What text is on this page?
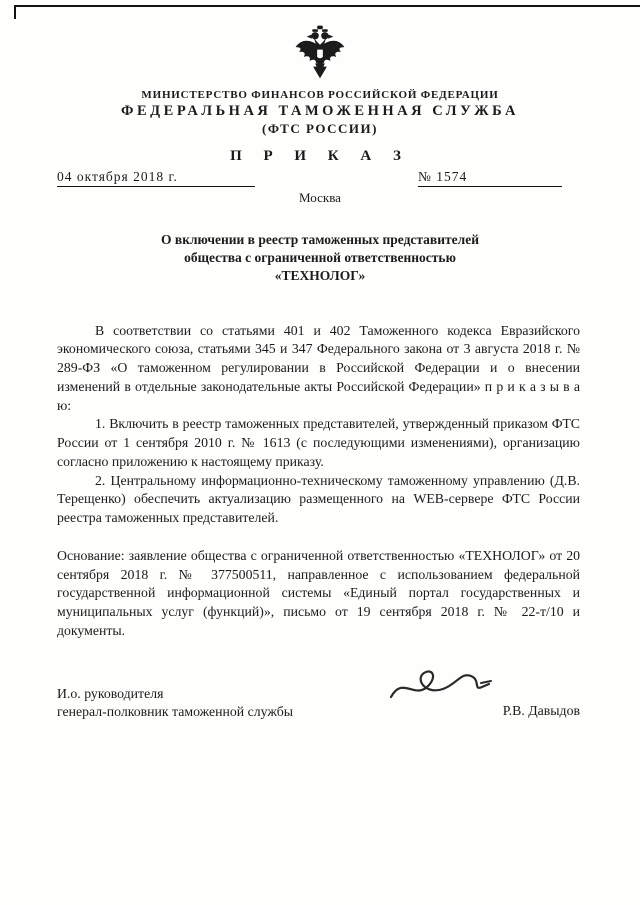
МИНИСТЕРСТВО ФИНАНСОВ РОССИЙСКОЙ ФЕДЕРАЦИИ
ФЕДЕРАЛЬНАЯ ТАМОЖЕННАЯ СЛУЖБА
(ФТС РОССИИ)
П Р И К А З
04 октября 2018 г.	№ 1574
Москва
О включении в реестр таможенных представителей
общества с ограниченной ответственностью
«ТЕХНОЛОГ»

В соответствии со статьями 401 и 402 Таможенного кодекса Евразийского экономического союза, статьями 345 и 347 Федерального закона от 3 августа 2018 г. № 289-ФЗ «О таможенном регулировании в Российской Федерации и о внесении изменений в отдельные законодательные акты Российской Федерации» п р и к а з ы в а ю:

1. Включить в реестр таможенных представителей, утвержденный приказом ФТС России от 1 сентября 2010 г. № 1613 (с последующими изменениями), организацию согласно приложению к настоящему приказу.

2. Центральному информационно-техническому таможенному управлению (Д.В. Терещенко) обеспечить актуализацию размещенного на WEB-сервере ФТС России реестра таможенных представителей.

Основание: заявление общества с ограниченной ответственностью «ТЕХНОЛОГ» от 20 сентября 2018 г. № 377500511, направленное с использованием федеральной государственной информационной системы «Единый портал государственных и муниципальных услуг (функций)», письмо от 19 сентября 2018 г. № 22-т/10 и документы.

И.о. руководителя
генерал-полковник таможенной службы	Р.В. Давыдов
